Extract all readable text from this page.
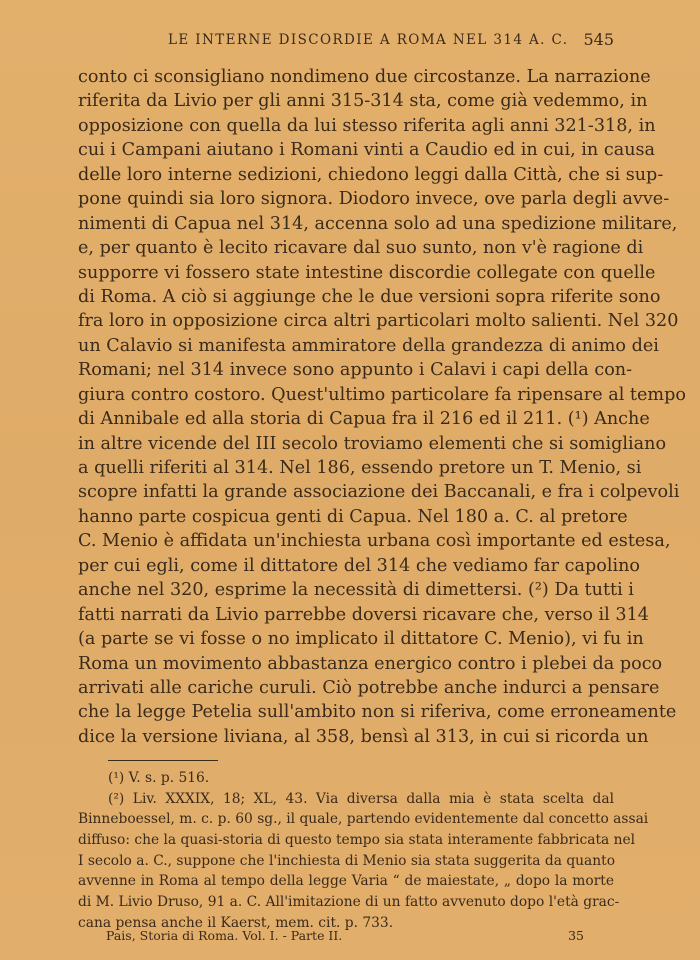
LE INTERNE DISCORDIE A ROMA NEL 314 A. C. 545
conto ci sconsigliano nondimeno due circostanze. La narrazione
riferita da Livio per gli anni 315-314 sta, come già vedemmo, in
opposizione con quella da lui stesso riferita agli anni 321-318, in
cui i Campani aiutano i Romani vinti a Caudio ed in cui, in causa
delle loro interne sedizioni, chiedono leggi dalla Città, che si sup-
pone quindi sia loro signora. Diodoro invece, ove parla degli avve-
nimenti di Capua nel 314, accenna solo ad una spedizione militare,
e, per quanto è lecito ricavare dal suo sunto, non v'è ragione di
supporre vi fossero state intestine discordie collegate con quelle
di Roma. A ciò si aggiunge che le due versioni sopra riferite sono
fra loro in opposizione circa altri particolari molto salienti. Nel 320
un Calavio si manifesta ammiratore della grandezza di animo dei
Romani; nel 314 invece sono appunto i Calavi i capi della con-
giura contro costoro. Quest'ultimo particolare fa ripensare al tempo
di Annibale ed alla storia di Capua fra il 216 ed il 211. (¹) Anche
in altre vicende del III secolo troviamo elementi che si somigliano
a quelli riferiti al 314. Nel 186, essendo pretore un T. Menio, si
scopre infatti la grande associazione dei Baccanali, e fra i colpevoli
hanno parte cospicua genti di Capua. Nel 180 a. C. al pretore
C. Menio è affidata un'inchiesta urbana così importante ed estesa,
per cui egli, come il dittatore del 314 che vediamo far capolino
anche nel 320, esprime la necessità di dimettersi. (²) Da tutti i
fatti narrati da Livio parrebbe doversi ricavare che, verso il 314
(a parte se vi fosse o no implicato il dittatore C. Menio), vi fu in
Roma un movimento abbastanza energico contro i plebei da poco
arrivati alle cariche curuli. Ciò potrebbe anche indurci a pensare
che la legge Petelia sull'ambito non si riferiva, come erroneamente
dice la versione liviana, al 358, bensì al 313, in cui si ricorda un
(¹) V. s. p. 516.
(²) Liv. XXXIX, 18; XL, 43. Via diversa dalla mia è stata scelta dal
Binneboessel, m. c. p. 60 sg., il quale, partendo evidentemente dal concetto assai
diffuso: che la quasi-storia di questo tempo sia stata interamente fabbricata nel
I secolo a. C., suppone che l'inchiesta di Menio sia stata suggerita da quanto
avvenne in Roma al tempo della legge Varia “ de maiestate, „ dopo la morte
di M. Livio Druso, 91 a. C. All'imitazione di un fatto avvenuto dopo l'età grac-
cana pensa anche il Kaerst, mem. cit. p. 733.
Pais, Storia di Roma. Vol. I. - Parte II.	35
